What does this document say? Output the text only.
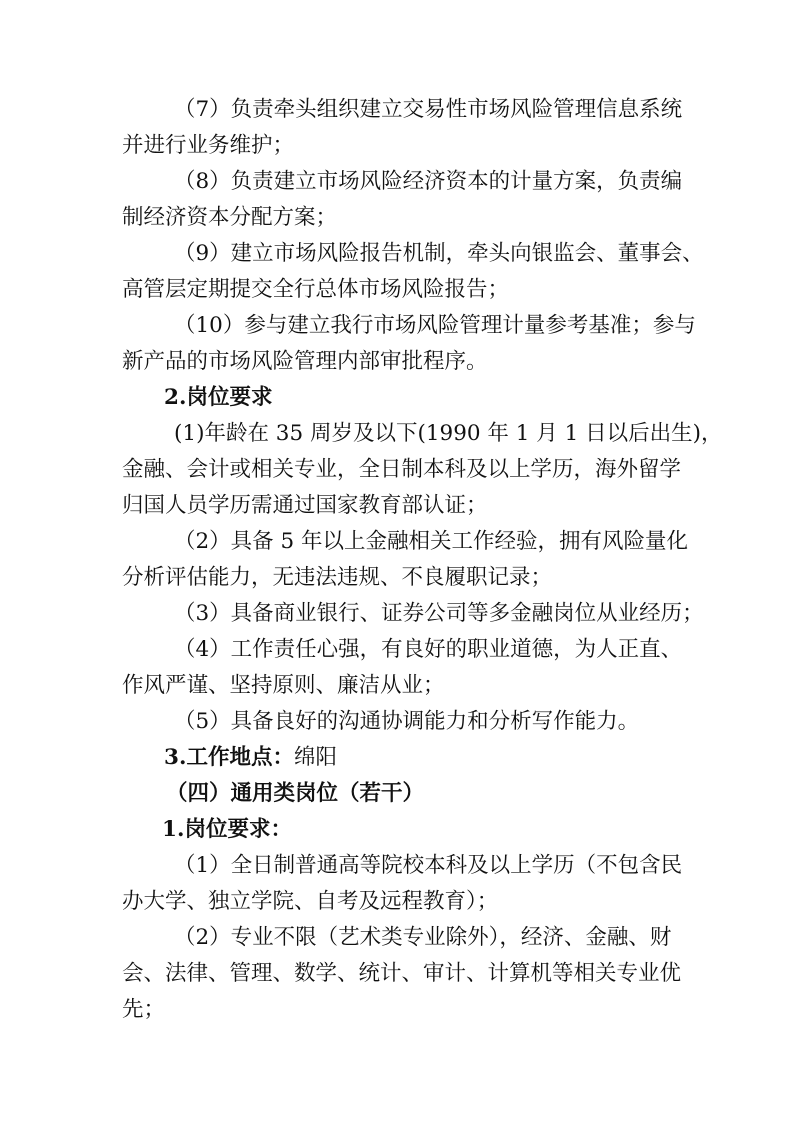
（7）负责牵头组织建立交易性市场风险管理信息系统
并进行业务维护；
（8）负责建立市场风险经济资本的计量方案，负责编
制经济资本分配方案；
（9）建立市场风险报告机制，牵头向银监会、董事会、
高管层定期提交全行总体市场风险报告；
（10）参与建立我行市场风险管理计量参考基准；参与
新产品的市场风险管理内部审批程序。
2.岗位要求
(1)年龄在 35 周岁及以下(1990 年 1 月 1 日以后出生)，
金融、会计或相关专业，全日制本科及以上学历，海外留学
归国人员学历需通过国家教育部认证；
（2）具备 5 年以上金融相关工作经验，拥有风险量化
分析评估能力，无违法违规、不良履职记录；
（3）具备商业银行、证券公司等多金融岗位从业经历；
（4）工作责任心强，有良好的职业道德，为人正直、
作风严谨、坚持原则、廉洁从业；
（5）具备良好的沟通协调能力和分析写作能力。
3.工作地点：绵阳
（四）通用类岗位（若干）
1.岗位要求：
（1）全日制普通高等院校本科及以上学历（不包含民
办大学、独立学院、自考及远程教育）；
（2）专业不限（艺术类专业除外），经济、金融、财
会、法律、管理、数学、统计、审计、计算机等相关专业优
先；
